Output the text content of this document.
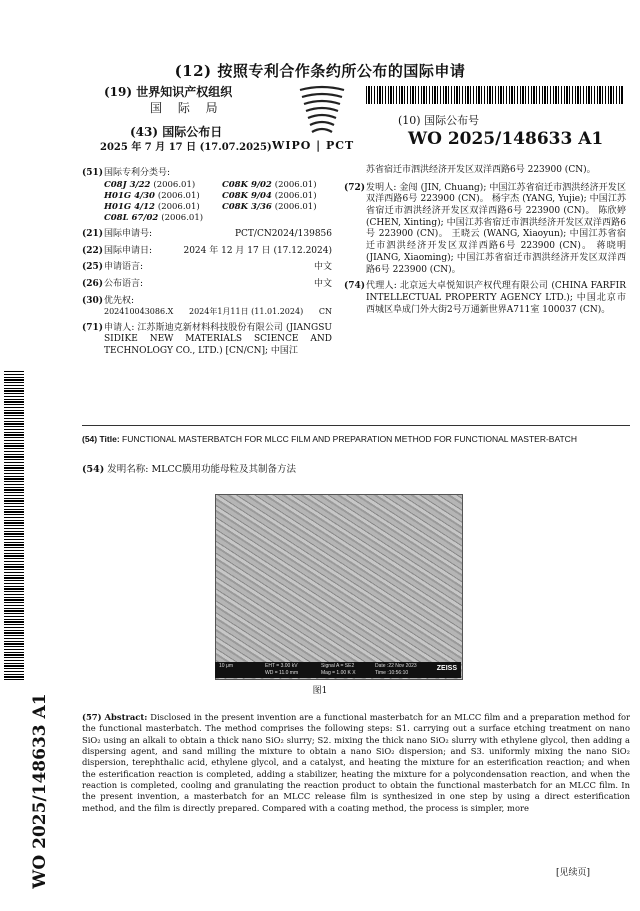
(12) 按照专利合作条约所公布的国际申请
(19) 世界知识产权组织
国 际 局
WIPO | PCT
(43) 国际公布日
2025 年 7 月 17 日 (17.07.2025)
(10) 国际公布号
WO 2025/148633 A1
(51) 国际专利分类号:
C08J 3/22 (2006.01)	C08K 9/02 (2006.01)
H01G 4/30 (2006.01)	C08K 9/04 (2006.01)
H01G 4/12 (2006.01)	C08K 3/36 (2006.01)
C08L 67/02 (2006.01)
(21) 国际申请号:	PCT/CN2024/139856
(22) 国际申请日:	2024 年 12 月 17 日 (17.12.2024)
(25) 申请语言:	中文
(26) 公布语言:	中文
(30) 优先权:
202410043086.X 2024年1月11日 (11.01.2024) CN
(71) 申请人: 江苏斯迪克新材料科技股份有限公司 (JIANGSU SIDIKE NEW MATERIALS SCIENCE AND TECHNOLOGY CO., LTD.) [CN/CN]; 中国江
苏省宿迁市泗洪经济开发区双洋西路6号 223900 (CN)。
(72) 发明人: 金闯 (JIN, Chuang); 中国江苏省宿迁市泗洪经济开发区双洋西路6号 223900 (CN)。 杨宇杰 (YANG, Yujie); 中国江苏省宿迁市泗洪经济开发区双洋西路6号 223900 (CN)。 陈欣婷 (CHEN, Xinting); 中国江苏省宿迁市泗洪经济开发区双洋西路6号 223900 (CN)。 王晓云 (WANG, Xiaoyun); 中国江苏省宿迁市泗洪经济开发区双洋西路6号 223900 (CN)。 蒋晓明 (JIANG, Xiaoming); 中国江苏省宿迁市泗洪经济开发区双洋西路6号 223900 (CN)。
(74) 代理人: 北京远大卓悦知识产权代理有限公司 (CHINA FARFIR INTELLECTUAL PROPERTY AGENCY LTD.); 中国北京市西城区阜成门外大街2号万通新世界A711室 100037 (CN)。
(54) Title: FUNCTIONAL MASTERBATCH FOR MLCC FILM AND PREPARATION METHOD FOR FUNCTIONAL MASTER-BATCH
(54) 发明名称: MLCC膜用功能母粒及其制备方法
10 μm	EHT = 3.00 kV
WD = 11.0 mm
Signal A = SE2
Mag = 1.00 K X
Date :22 Nov 2023
Time :10:56:10
ZEISS
图1
(57) Abstract: Disclosed in the present invention are a functional masterbatch for an MLCC film and a preparation method for the functional masterbatch. The method comprises the following steps: S1. carrying out a surface etching treatment on nano SiO₂ using an alkali to obtain a thick nano SiO₂ slurry; S2. mixing the thick nano SiO₂ slurry with ethylene glycol, then adding a dispersing agent, and sand milling the mixture to obtain a nano SiO₂ dispersion; and S3. uniformly mixing the nano SiO₂ dispersion, terephthalic acid, ethylene glycol, and a catalyst, and heating the mixture for an esterification reaction; and when the esterification reaction is completed, adding a stabilizer, heating the mixture for a polycondensation reaction, and when the reaction is completed, cooling and granulating the reaction product to obtain the functional masterbatch for an MLCC film. In the present invention, a masterbatch for an MLCC release film is synthesized in one step by using a direct esterification method, and the film is directly prepared. Compared with a coating method, the process is simpler, more
WO 2025/148633 A1	[见续页]
